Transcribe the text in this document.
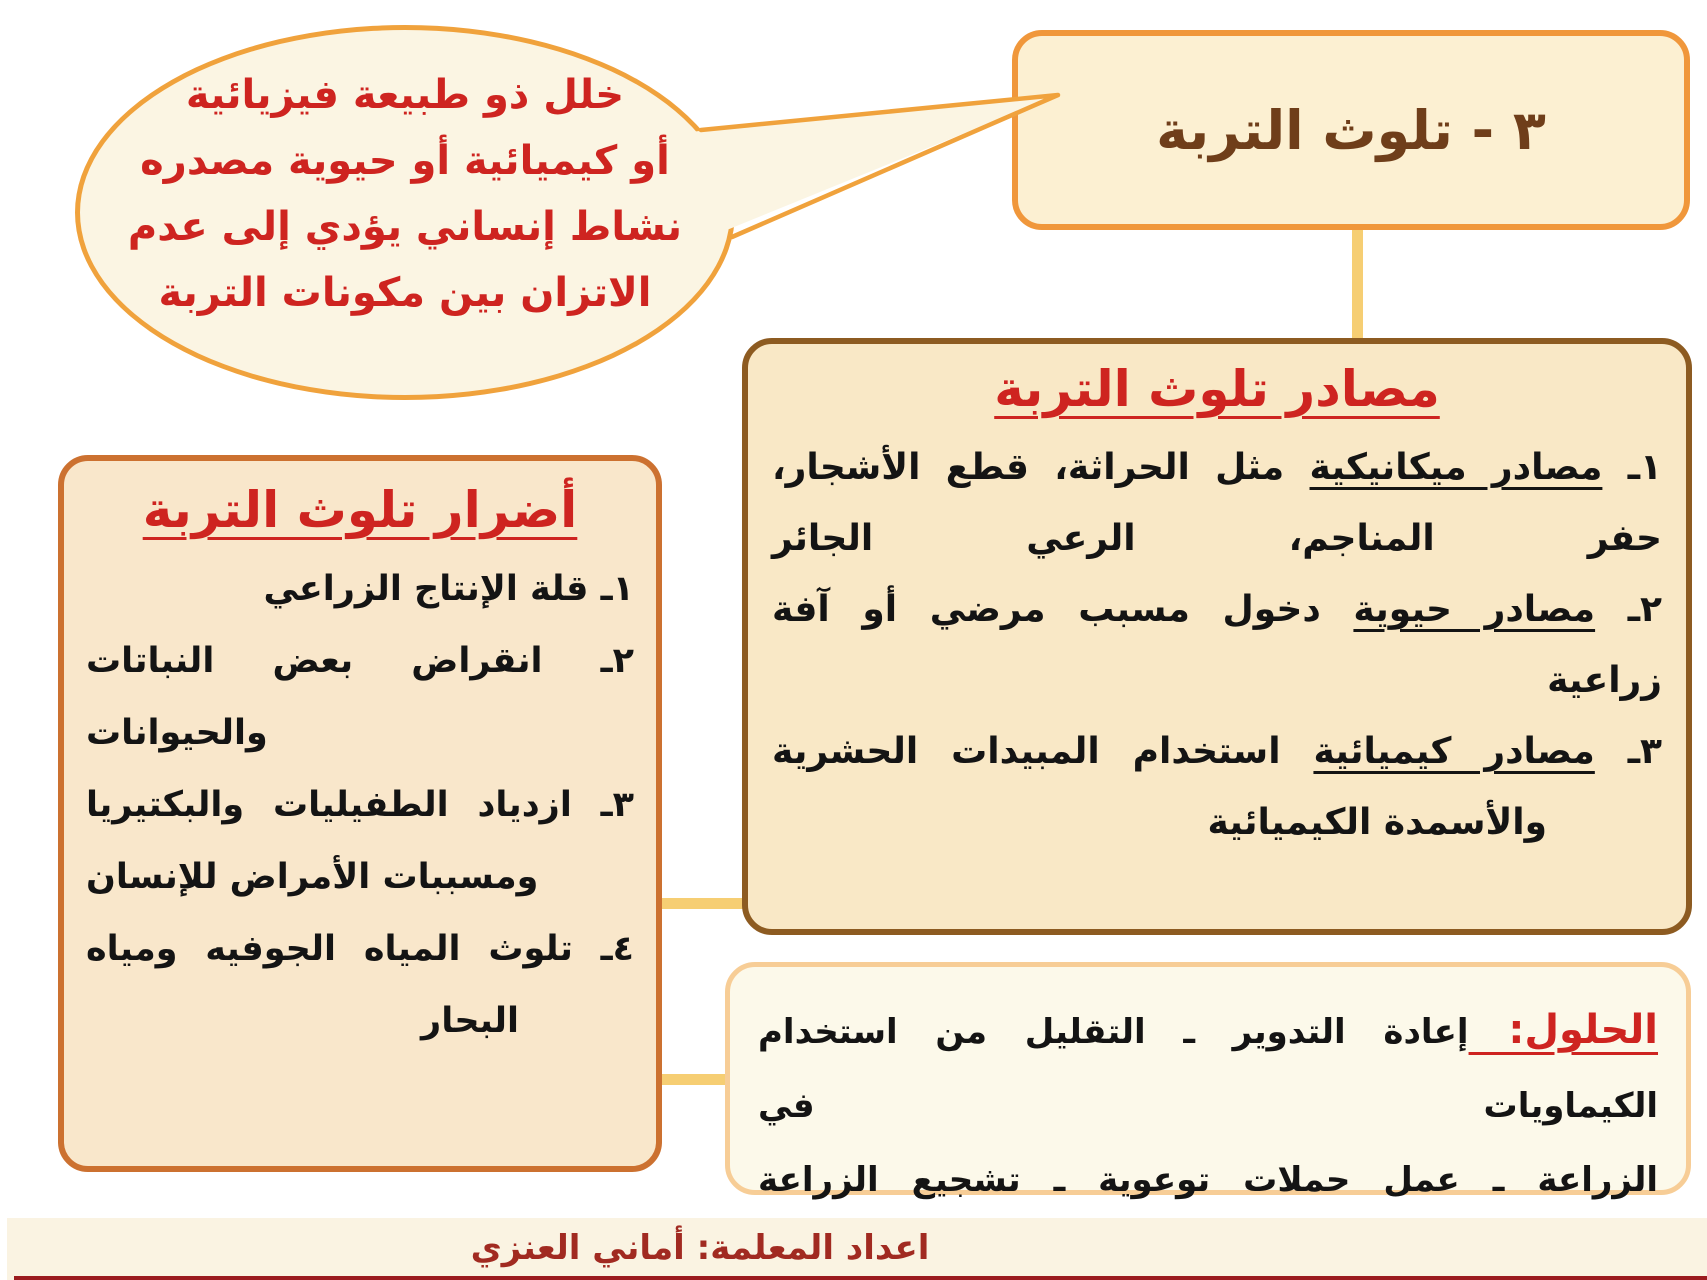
٣ - تلوث التربة
خلل ذو طبيعة فيزيائية
أو كيميائية أو حيوية مصدره
نشاط إنساني يؤدي إلى عدم
الاتزان بين مكونات التربة
مصادر تلوث التربة
١ـ مصادر ميكانيكية مثل الحراثة، قطع الأشجار،
حفر المناجم، الرعي الجائر
٢ـ مصادر حيوية دخول مسبب مرضي أو آفة
زراعية
٣ـ مصادر كيميائية استخدام المبيدات الحشرية
والأسمدة الكيميائية
أضرار تلوث التربة
١ـ قلة الإنتاج الزراعي
٢ـ انقراض بعض النباتات
والحيوانات
٣ـ ازدياد الطفيليات والبكتيريا
ومسببات الأمراض للإنسان
٤ـ تلوث المياه الجوفيه ومياه
البحار	الحلول: إعادة التدوير ـ التقليل من استخدام الكيماويات في
الزراعة ـ عمل حملات توعوية ـ تشجيع الزراعة
اعداد المعلمة: أماني العنزي
